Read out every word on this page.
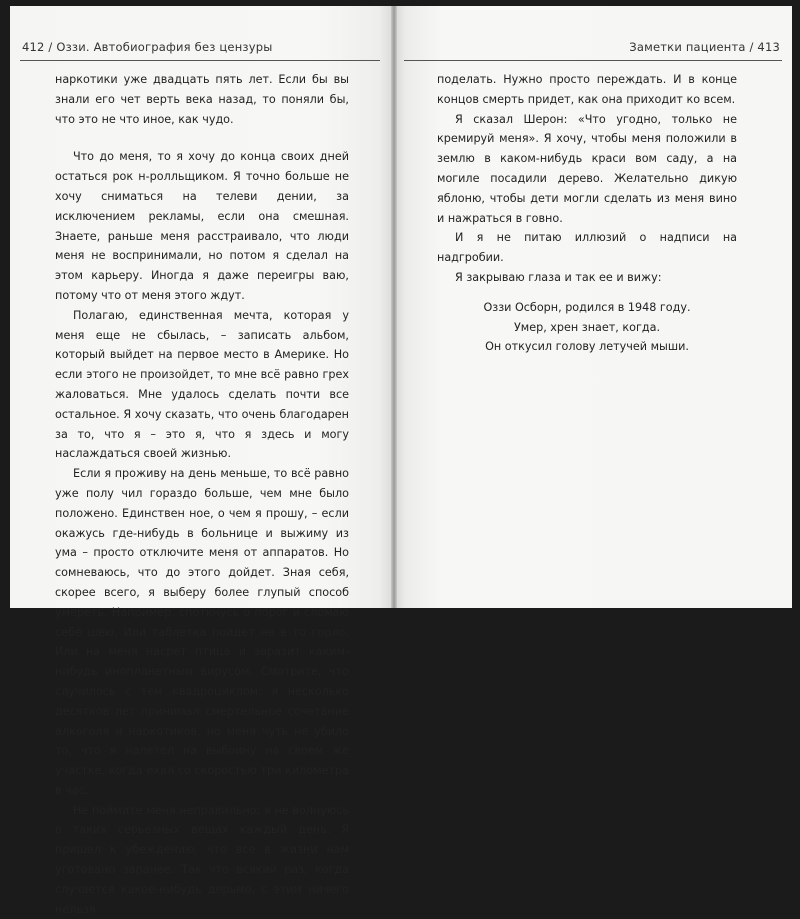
412 / Оззи. Автобиография без цензуры

наркотики уже двадцать пять лет. Если бы вы знали его чет верть века назад, то поняли бы, что это не что иное, как чудо.

Что до меня, то я хочу до конца своих дней остаться рок н-ролльщиком. Я точно больше не хочу сниматься на телеви дении, за исключением рекламы, если она смешная. Знаете, раньше меня расстраивало, что люди меня не воспринимали, но потом я сделал на этом карьеру. Иногда я даже переигры ваю, потому что от меня этого ждут.

Полагаю, единственная мечта, которая у меня еще не сбылась, – записать альбом, который выйдет на первое место в Америке. Но если этого не произойдет, то мне всё равно грех жаловаться. Мне удалось сделать почти все остальное. Я хочу сказать, что очень благодарен за то, что я – это я, что я здесь и могу наслаждаться своей жизнью.

Если я проживу на день меньше, то всё равно уже полу чил гораздо больше, чем мне было положено. Единствен ное, о чем я прошу, – если окажусь где-нибудь в больнице и выжиму из ума – просто отключите меня от аппаратов. Но сомневаюсь, что до этого дойдет. Зная себя, скорее всего, я выберу более глупый способ умереть. Например, споткнусь о порог и сломаю себе шею. Или таблетка пойдет не в то горло. Или на меня насрет птица и заразит каким-нибудь инопланетным вирусом. Смотрите, что случилось с тем квадроциклом: я несколько десятков лет принимал смертельное сочетание алкоголя и наркотиков, но меня чуть не убило то, что я налетел на выбоину на своем же участке, когда ехал со скоростью три километра в час.

Не поймите меня неправильно: я не волнуюсь о таких серьезных вещах каждый день. Я пришел к убеждению, что все в жизни нам уготовано заранее. Так что всякий раз, когда случается какое-нибудь дерьмо, с этим ничего нельзя

Заметки пациента / 413

поделать. Нужно просто переждать. И в конце концов смерть придет, как она приходит ко всем.

Я сказал Шерон: «Что угодно, только не кремируй меня». Я хочу, чтобы меня положили в землю в каком-нибудь краси вом саду, а на могиле посадили дерево. Желательно дикую яблоню, чтобы дети могли сделать из меня вино и нажраться в говно.

И я не питаю иллюзий о надписи на надгробии.

Я закрываю глаза и так ее и вижу:

Оззи Осборн, родился в 1948 году.
Умер, хрен знает, когда.
Он откусил голову летучей мыши.
